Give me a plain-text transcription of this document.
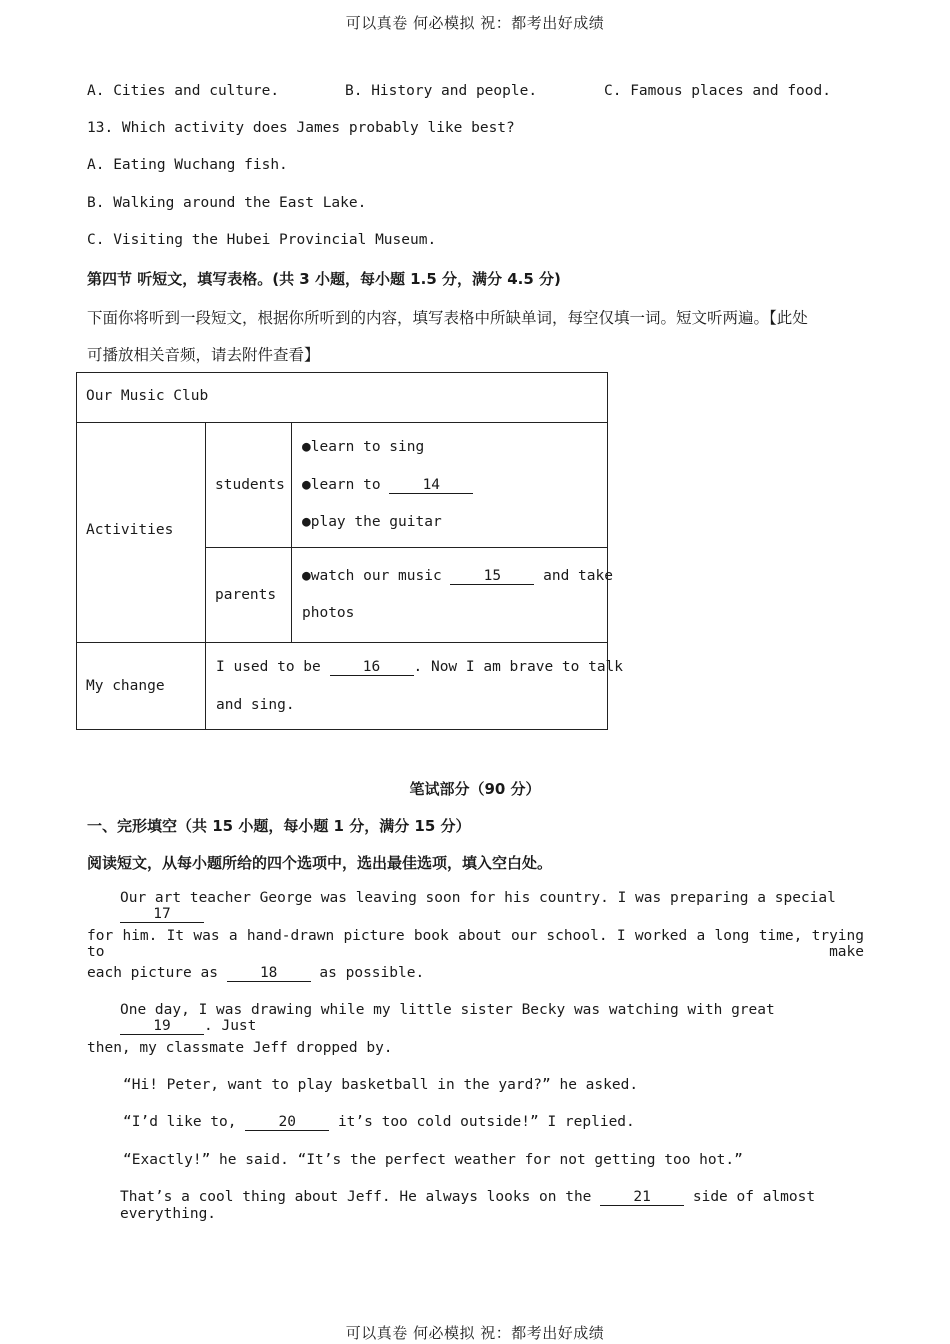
可以真卷 何必模拟 祝：都考出好成绩
A. Cities and culture.	B. History and people.	C. Famous places and food.
13. Which activity does James probably like best?
A. Eating Wuchang fish.
B. Walking around the East Lake.
C. Visiting the Hubei Provincial Museum.
第四节 听短文，填写表格。(共 3 小题，每小题 1.5 分，满分 4.5 分)
下面你将听到一段短文，根据你所听到的内容，填写表格中所缺单词，每空仅填一词。短文听两遍。【此处
可播放相关音频，请去附件查看】
Our Music Club
Activities
students
●learn to sing
●learn to 14
●play the guitar
parents
●watch our music 15 and take
photos
My change
I used to be 16 . Now I am brave to talk
and sing.
笔试部分（90 分）
一、完形填空（共 15 小题，每小题 1 分，满分 15 分）
阅读短文，从每小题所给的四个选项中，选出最佳选项，填入空白处。
Our art teacher George was leaving soon for his country. I was preparing a special 17
for him. It was a hand-drawn picture book about our school. I worked a long time, trying to make
each picture as 18 as possible.
One day, I was drawing while my little sister Becky was watching with great 19 . Just
then, my classmate Jeff dropped by.
“Hi! Peter, want to play basketball in the yard?” he asked.
“I’d like to, 20 it’s too cold outside!” I replied.
“Exactly!” he said. “It’s the perfect weather for not getting too hot.”
That’s a cool thing about Jeff. He always looks on the 21 side of almost everything.
可以真卷 何必模拟 祝：都考出好成绩
